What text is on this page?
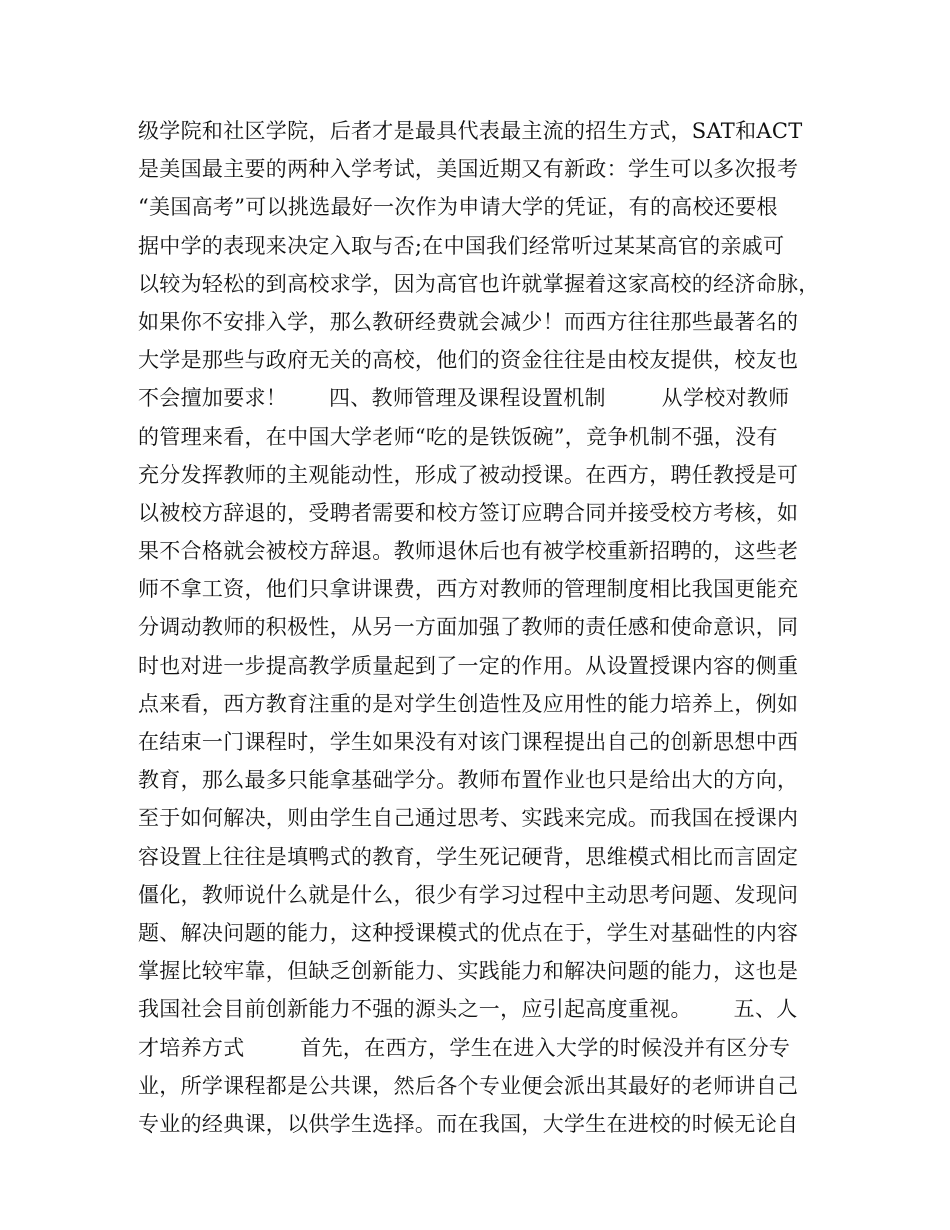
级学院和社区学院，后者才是最具代表最主流的招生方式，SAT和ACT
是美国最主要的两种入学考试，美国近期又有新政：学生可以多次报考
“美国高考”可以挑选最好一次作为申请大学的凭证，有的高校还要根
据中学的表现来决定入取与否;在中国我们经常听过某某高官的亲戚可
以较为轻松的到高校求学，因为高官也许就掌握着这家高校的经济命脉，
如果你不安排入学，那么教研经费就会减少！而西方往往那些最著名的
大学是那些与政府无关的高校，他们的资金往往是由校友提供，校友也
不会擅加要求！      四、教师管理及课程设置机制        从学校对教师
的管理来看，在中国大学老师“吃的是铁饭碗”，竞争机制不强，没有
充分发挥教师的主观能动性，形成了被动授课。在西方，聘任教授是可
以被校方辞退的，受聘者需要和校方签订应聘合同并接受校方考核，如
果不合格就会被校方辞退。教师退休后也有被学校重新招聘的，这些老
师不拿工资，他们只拿讲课费，西方对教师的管理制度相比我国更能充
分调动教师的积极性，从另一方面加强了教师的责任感和使命意识，同
时也对进一步提高教学质量起到了一定的作用。从设置授课内容的侧重
点来看，西方教育注重的是对学生创造性及应用性的能力培养上，例如
在结束一门课程时，学生如果没有对该门课程提出自己的创新思想中西
教育，那么最多只能拿基础学分。教师布置作业也只是给出大的方向，
至于如何解决，则由学生自己通过思考、实践来完成。而我国在授课内
容设置上往往是填鸭式的教育，学生死记硬背，思维模式相比而言固定
僵化，教师说什么就是什么，很少有学习过程中主动思考问题、发现问
题、解决问题的能力，这种授课模式的优点在于，学生对基础性的内容
掌握比较牢靠，但缺乏创新能力、实践能力和解决问题的能力，这也是
我国社会目前创新能力不强的源头之一，应引起高度重视。      五、人
才培养方式        首先，在西方，学生在进入大学的时候没并有区分专
业，所学课程都是公共课，然后各个专业便会派出其最好的老师讲自己
专业的经典课，以供学生选择。而在我国，大学生在进校的时候无论自
